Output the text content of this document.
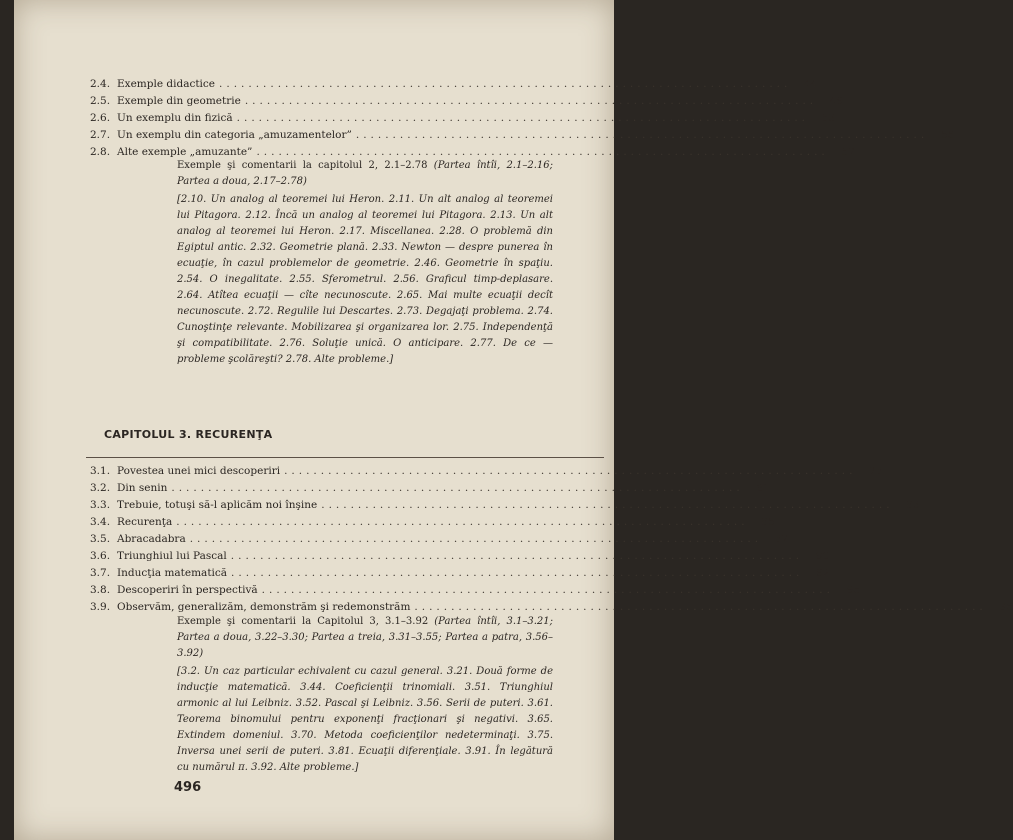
2.4. Exemple didactice ..............................................................................	44
2.5. Exemple din geometrie ..............................................................................	49
2.6. Un exemplu din fizică ..............................................................................	53
2.7. Un exemplu din categoria „amuzamentelor” ..............................................................................	56
2.8. Alte exemple „amuzante” ..............................................................................	57
Exemple şi comentarii la capitolul 2, 2.1–2.78 (Partea întîi, 2.1–2.16; Partea a doua, 2.17–2.78)
[2.10. Un analog al teoremei lui Heron. 2.11. Un alt analog al teoremei lui Pitagora. 2.12. Încă un analog al teoremei lui Pitagora. 2.13. Un alt analog al teoremei lui Heron. 2.17. Miscellanea. 2.28. O problemă din Egiptul antic. 2.32. Geometrie plană. 2.33. Newton — despre punerea în ecuaţie, în cazul problemelor de geometrie. 2.46. Geometrie în spaţiu. 2.54. O inegalitate. 2.55. Sferometrul. 2.56. Graficul timp-deplasare. 2.64. Atîtea ecuaţii — cîte necunoscute. 2.65. Mai multe ecuaţii decît necunoscute. 2.72. Regulile lui Descartes. 2.73. Degajaţi problema. 2.74. Cunoştinţe relevante. Mobilizarea şi organizarea lor. 2.75. Independenţă şi compatibilitate. 2.76. Soluţie unică. O anticipare. 2.77. De ce — probleme şcolăreşti? 2.78. Alte probleme.]
CAPITOLUL 3. RECURENŢA
3.1. Povestea unei mici descoperiri ..............................................................................	78
3.2. Din senin ..............................................................................	81
3.3. Trebuie, totuşi să-l aplicăm noi înşine ..............................................................................	83
3.4. Recurenţa ..............................................................................	85
3.5. Abracadabra ..............................................................................	87
3.6. Triunghiul lui Pascal ..............................................................................	90
3.7. Inducţia matematică ..............................................................................	92
3.8. Descoperiri în perspectivă ..............................................................................	95
3.9. Observăm, generalizăm, demonstrăm şi redemonstrăm ..............................................................................	96
Exemple şi comentarii la Capitolul 3, 3.1–3.92 (Partea întîi, 3.1–3.21; Partea a doua, 3.22–3.30; Partea a treia, 3.31–3.55; Partea a patra, 3.56–3.92)
[3.2. Un caz particular echivalent cu cazul general. 3.21. Două forme de inducţie matematică. 3.44. Coeficienţii trinomiali. 3.51. Triunghiul armonic al lui Leibniz. 3.52. Pascal şi Leibniz. 3.56. Serii de puteri. 3.61. Teorema binomului pentru exponenţi fracţionari şi negativi. 3.65. Extindem domeniul. 3.70. Metoda coeficienţilor nedeterminaţi. 3.75. Inversa unei serii de puteri. 3.81. Ecuaţii diferenţiale. 3.91. În legătură cu numărul π. 3.92. Alte probleme.]
496
